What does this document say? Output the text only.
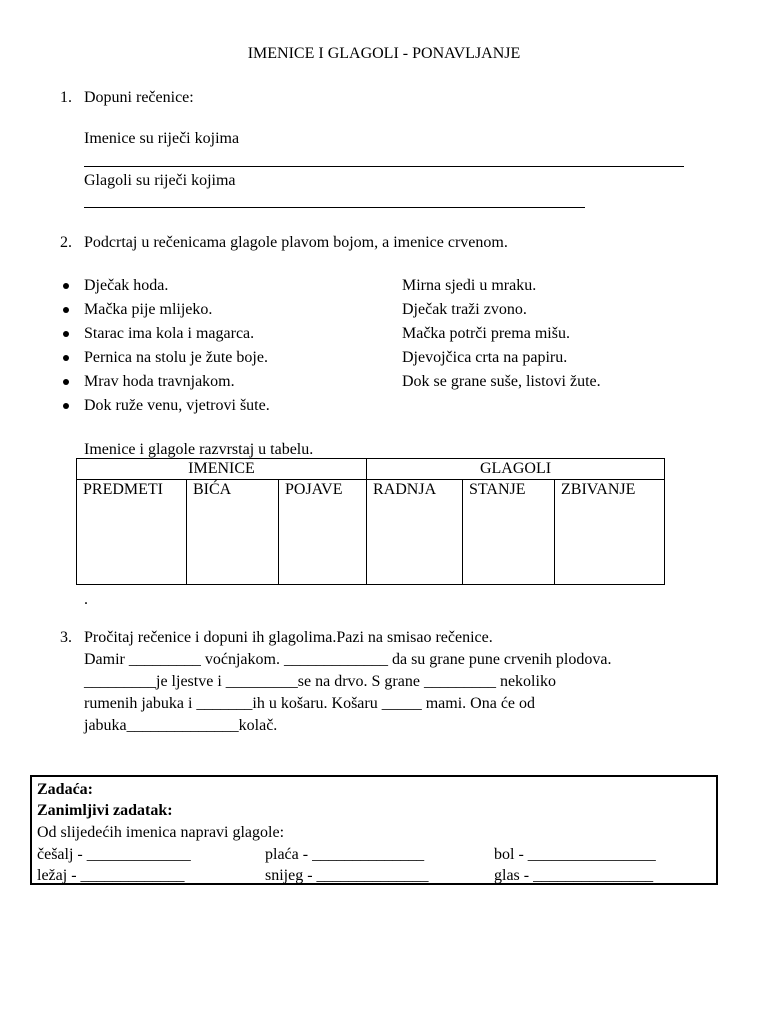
IMENICE I GLAGOLI - PONAVLJANJE
1. Dopuni rečenice:
Imenice su riječi kojima
Glagoli su riječi kojima
2. Podcrtaj u rečenicama glagole plavom bojom, a imenice crvenom.
Dječak hoda.
Mačka pije mlijeko.
Starac ima kola i magarca.
Pernica na stolu je žute boje.
Mrav hoda travnjakom.
Dok ruže venu, vjetrovi šute.
Mirna sjedi u mraku.
Dječak traži zvono.
Mačka potrči prema mišu.
Djevojčica crta na papiru.
Dok se grane suše, listovi žute.
Imenice i glagole razvrstaj u tabelu.
IMENICE			GLAGOLI		
PREDMETI	BIĆA	POJAVE	RADNJA	STANJE	ZBIVANJE
.
3. Pročitaj rečenice i dopuni ih glagolima.Pazi na smisao rečenice.
Damir _________ voćnjakom. _____________ da su grane pune crvenih plodova.
_________je ljestve i _________se na drvo. S grane _________ nekoliko
rumenih jabuka i _______ih u košaru. Košaru _____ mami. Ona će od
jabuka______________kolač.
Zadaća:
Zanimljivi zadatak:
Od slijedećih imenica napravi glagole:
češalj - _____________	plaća - ______________	bol - ________________
ležaj - _____________	snijeg - ______________	glas - _______________
